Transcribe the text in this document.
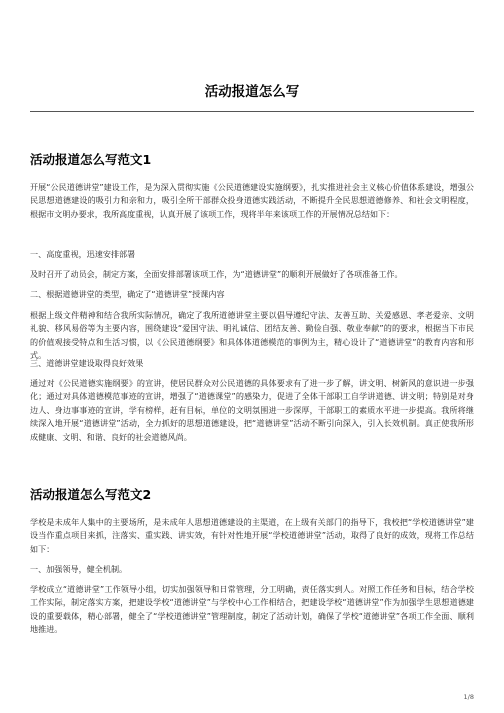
活动报道怎么写
活动报道怎么写范文1

开展“公民道德讲堂”建设工作，是为深入贯彻实施《公民道德建设实施纲要》，扎实推进社会主义核心价值体系建设，增强公民思想道德建设的吸引力和亲和力，吸引全所干部群众投身道德实践活动，不断提升全民思想道德修养、和社会文明程度，根据市文明办要求，我所高度重视，认真开展了该项工作，现将半年来该项工作的开展情况总结如下：

一、高度重视，迅速安排部署

及时召开了动员会，制定方案，全面安排部署该项工作，为“道德讲堂”的顺利开展做好了各项准备工作。

二、根据道德讲堂的类型，确定了“道德讲堂”授课内容

根据上级文件精神和结合我所实际情况，确定了我所道德讲堂主要以倡导遵纪守法、友善互助、关爱感恩、孝老爱亲、文明礼貌、移风易俗等为主要内容，围绕建设“爱国守法、明礼诚信、团结友善、勤俭自强、敬业奉献”的的要求，根据当下市民的价值观接受特点和生活习惯，以《公民道德纲要》和具体体道德模范的事例为主，精心设计了“道德讲堂”的教育内容和形式。

三、道德讲堂建设取得良好效果

通过对《公民道德实施纲要》的宣讲，使居民群众对公民道德的具体要求有了进一步了解，讲文明、树新风的意识进一步强化；通过对具体道德模范事迹的宣讲，增强了“道德课堂”的感染力，促进了全体干部职工自学讲道德、讲文明；特别是对身边人、身边事事迹的宣讲，学有榜样，赶有目标，单位的文明氛围进一步深厚，干部职工的素质水平进一步提高。我所将继续深入地开展“道德讲堂”活动，全力抓好的思想道德建设，把“道德讲堂”活动不断引向深入，引入长效机制。真正使我所形成健康、文明、和谐、良好的社会道德风尚。

活动报道怎么写范文2

学校是未成年人集中的主要场所，是未成年人思想道德建设的主渠道，在上级有关部门的指导下，我校把“学校道德讲堂”建设当作重点项目来抓，注落实、重实践、讲实效，有针对性地开展“学校道德讲堂”活动，取得了良好的成效，现将工作总结如下：

一、加强领导，健全机制。

学校成立“道德讲堂”工作领导小组，切实加强领导和日常管理，分工明确，责任落实到人。对照工作任务和目标，结合学校工作实际，制定落实方案，把建设学校“道德讲堂”与学校中心工作相结合，把建设学校“道德讲堂”作为加强学生思想道德建设的重要载体，精心部署，健全了“学校道德讲堂”管理制度，制定了活动计划，确保了学校“道德讲堂”各项工作全面、顺利地推进。

1/8
